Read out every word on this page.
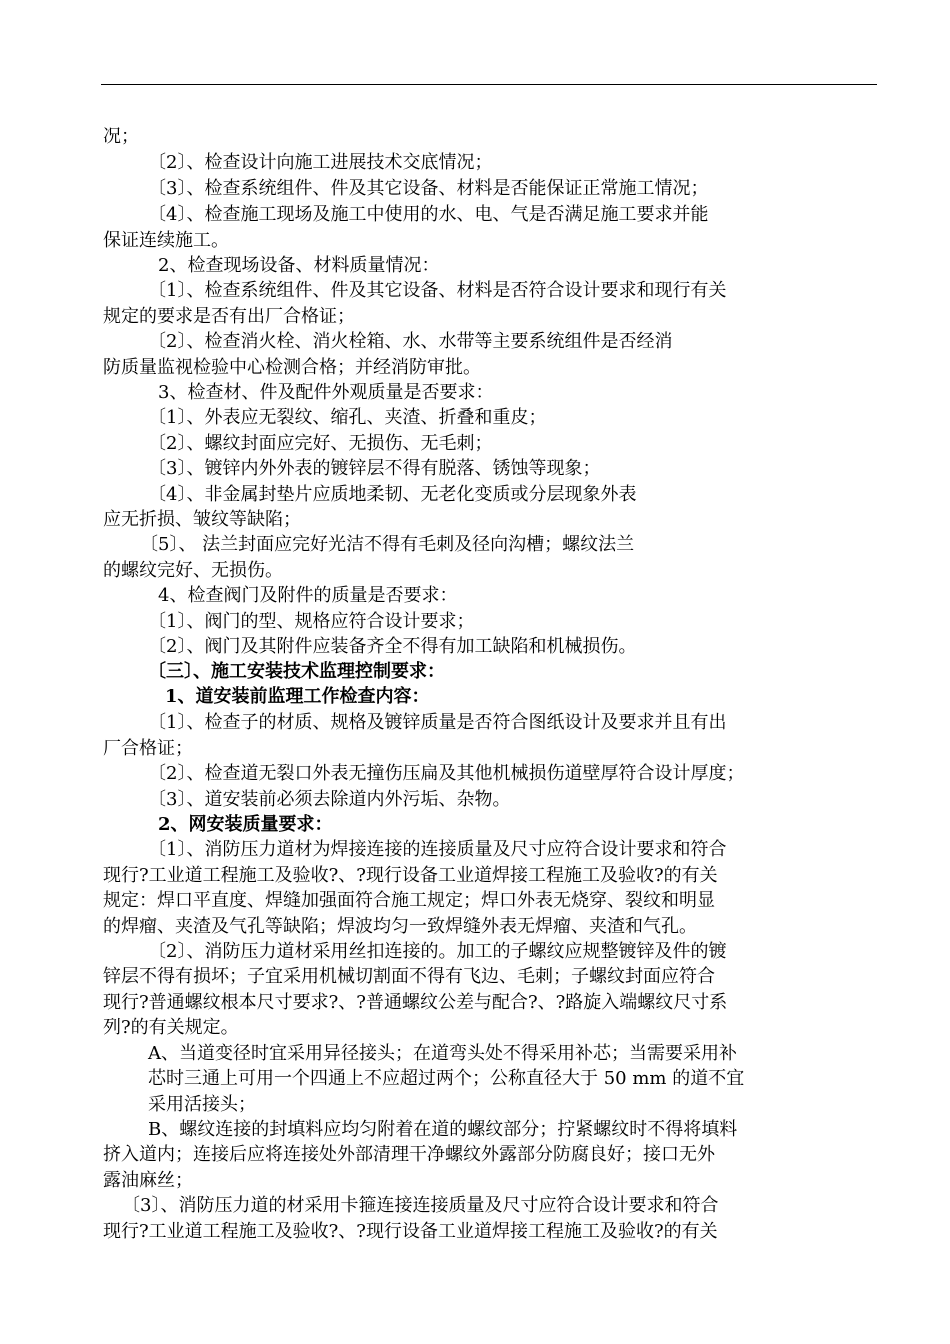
况；
〔2〕、检查设计向施工进展技术交底情况；
〔3〕、检查系统组件、件及其它设备、材料是否能保证正常施工情况；
〔4〕、检查施工现场及施工中使用的水、电、气是否满足施工要求并能
保证连续施工。
2、检查现场设备、材料质量情况：
〔1〕、检查系统组件、件及其它设备、材料是否符合设计要求和现行有关
规定的要求是否有出厂合格证；
〔2〕、检查消火栓、消火栓箱、水、水带等主要系统组件是否经消
防质量监视检验中心检测合格；并经消防审批。
3、检查材、件及配件外观质量是否要求：
〔1〕、外表应无裂纹、缩孔、夹渣、折叠和重皮；
〔2〕、螺纹封面应完好、无损伤、无毛刺；
〔3〕、镀锌内外外表的镀锌层不得有脱落、锈蚀等现象；
〔4〕、非金属封垫片应质地柔韧、无老化变质或分层现象外表
应无折损、皱纹等缺陷；
〔5〕、 法兰封面应完好光洁不得有毛刺及径向沟槽；螺纹法兰
的螺纹完好、无损伤。
4、检查阀门及附件的质量是否要求：
〔1〕、阀门的型、规格应符合设计要求；
〔2〕、阀门及其附件应装备齐全不得有加工缺陷和机械损伤。
〔三〕、施工安装技术监理控制要求：
1、道安装前监理工作检查内容：
〔1〕、检查子的材质、规格及镀锌质量是否符合图纸设计及要求并且有出
厂合格证；
〔2〕、检查道无裂口外表无撞伤压扁及其他机械损伤道壁厚符合设计厚度；
〔3〕、道安装前必须去除道内外污垢、杂物。
2、网安装质量要求：
〔1〕、消防压力道材为焊接连接的连接质量及尺寸应符合设计要求和符合
现行?工业道工程施工及验收?、?现行设备工业道焊接工程施工及验收?的有关
规定：焊口平直度、焊缝加强面符合施工规定；焊口外表无烧穿、裂纹和明显
的焊瘤、夹渣及气孔等缺陷；焊波均匀一致焊缝外表无焊瘤、夹渣和气孔。
〔2〕、消防压力道材采用丝扣连接的。加工的子螺纹应规整镀锌及件的镀
锌层不得有损坏；子宜采用机械切割面不得有飞边、毛刺；子螺纹封面应符合
现行?普通螺纹根本尺寸要求?、?普通螺纹公差与配合?、?路旋入端螺纹尺寸系
列?的有关规定。
A、当道变径时宜采用异径接头；在道弯头处不得采用补芯；当需要采用补
芯时三通上可用一个四通上不应超过两个；公称直径大于 50 mm 的道不宜
采用活接头；
B、螺纹连接的封填料应均匀附着在道的螺纹部分；拧紧螺纹时不得将填料
挤入道内；连接后应将连接处外部清理干净螺纹外露部分防腐良好；接口无外
露油麻丝；
〔3〕、消防压力道的材采用卡箍连接连接质量及尺寸应符合设计要求和符合
现行?工业道工程施工及验收?、?现行设备工业道焊接工程施工及验收?的有关
